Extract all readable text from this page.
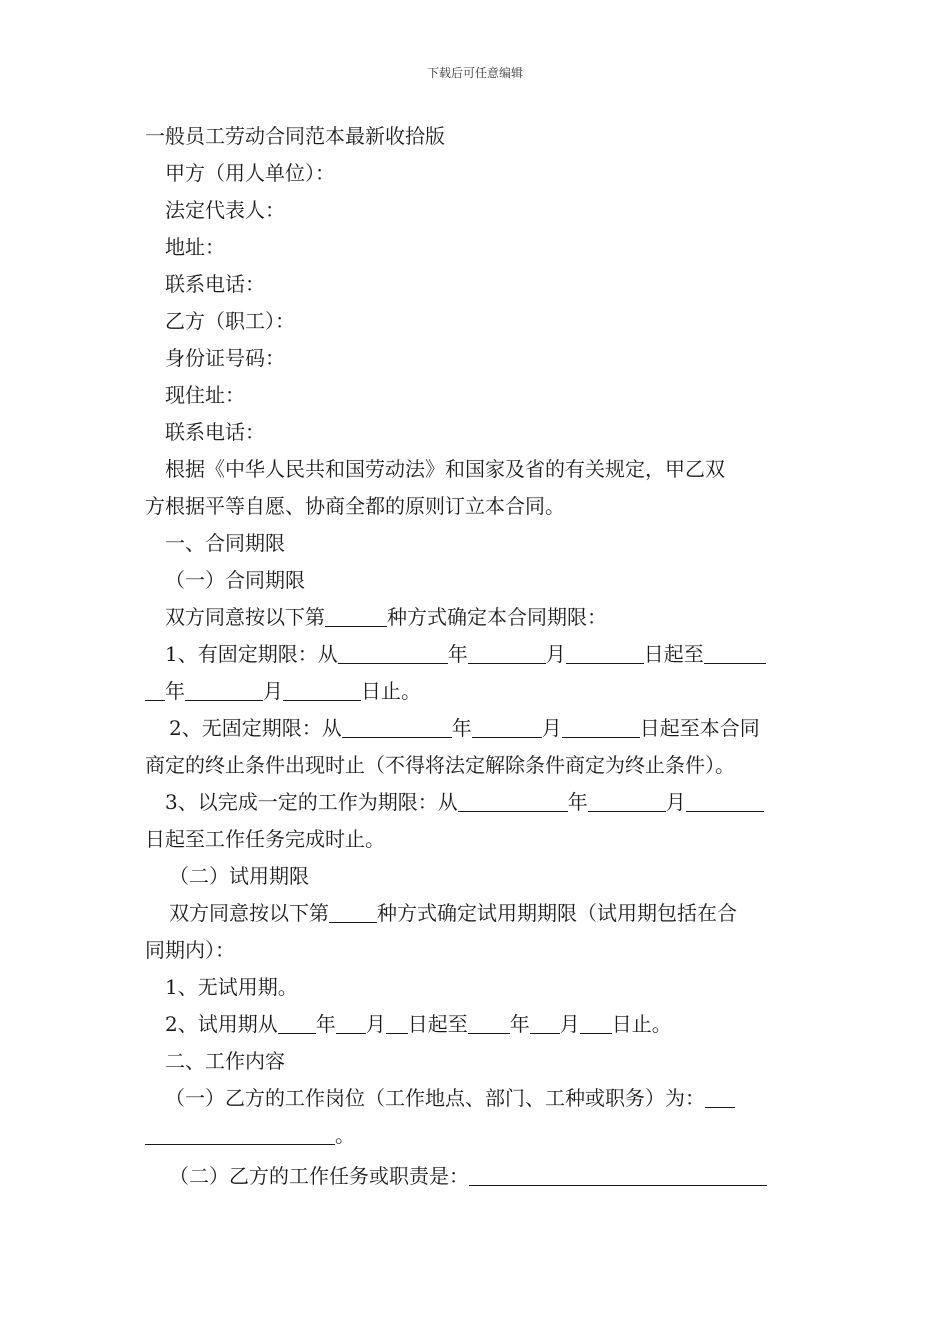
下载后可任意编辑
一般员工劳动合同范本最新收拾版
甲方（用人单位）：
法定代表人：
地址：
联系电话：
乙方（职工）：
身份证号码：
现住址：
联系电话：
根据《中华人民共和国劳动法》和国家及省的有关规定，甲乙双
方根据平等自愿、协商全都的原则订立本合同。
一、合同期限
（一）合同期限
双方同意按以下第	种方式确定本合同期限：
1、有固定期限：从	年	月	日起至
年	月	日止。
2、无固定期限：从	年	月	日起至本合同
商定的终止条件出现时止（不得将法定解除条件商定为终止条件）。
3、以完成一定的工作为期限：从	年	月
日起至工作任务完成时止。
（二）试用期限
双方同意按以下第 种方式确定试用期期限（试用期包括在合
同期内）：
1、无试用期。
2、试用期从 年 月 日起至 年 月 日止。
二、工作内容
（一）乙方的工作岗位（工作地点、部门、工种或职务）为：
。
（二）乙方的工作任务或职责是：
